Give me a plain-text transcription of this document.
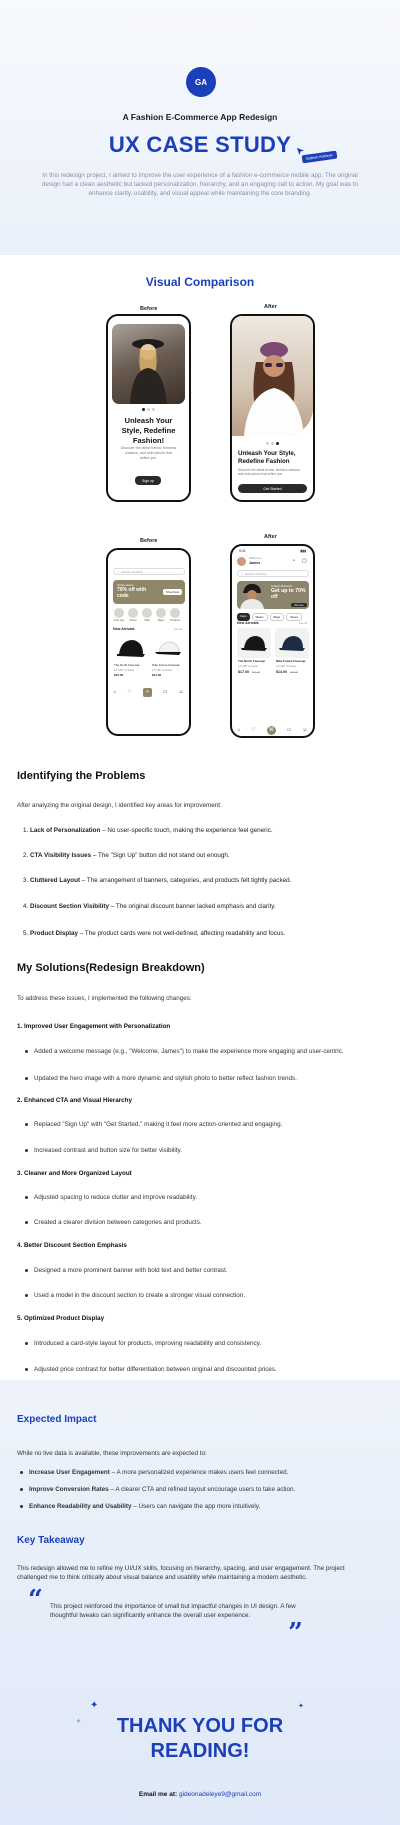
GA
A Fashion E-Commerce App Redesign
UX CASE STUDY	Gideon Adeleye
In this redesign project, I aimed to improve the user experience of a fashion e-commerce mobile app. The original design had a clean aesthetic but lacked personalization, hierarchy, and an engaging call to action. My goal was to enhance clarity, usability, and visual appeal while maintaining the core branding.
Visual Comparison
Before	After
Unleash Your Style, Redefine Fashion!
Discover the latest trends, timeless classics, and bold pieces that define you.
Sign up
Unleash Your Style, Redefine Fashion
Discover the latest trends, timeless classics, and bold pieces that define you.
Get Started
Before
After
⌕ Search anything...
Today Home
70% off with code
Shop Now
Foot cap Shoes	Wills	Bags Products
New Arrivals	See All
The North Facecap	Nike Future Facecap
4.5 (287 reviews)	4.5 (287 reviews)
$15.00	$14.00
⌂ ♡	+	▭ ☺
9:41	▮▮▮
Welcome,
James	◔ ▢
⌕ Search anything...
Today's Discount
Get up to 70% off
Visit now
Caps	Wears	Bags	Shoes
New Arrivals	See all
The North Facecap	Nike Future Facecap
4.5 (287 reviews)	4.5 (287 reviews)
$17.00 $21.00	$14.00 $18.00
⌂ ♡	⌘	▭ ☺
Identifying the Problems
After analyzing the original design, I identified key areas for improvement:
1. Lack of Personalization – No user-specific touch, making the experience feel generic.
2. CTA Visibility Issues – The "Sign Up" button did not stand out enough.
3. Cluttered Layout – The arrangement of banners, categories, and products felt tightly packed.
4. Discount Section Visibility – The original discount banner lacked emphasis and clarity.
5. Product Display – The product cards were not well-defined, affecting readability and focus.
My Solutions(Redesign Breakdown)
To address these issues, I implemented the following changes:
1. Improved User Engagement with Personalization
Added a welcome message (e.g., "Welcome, James") to make the experience more engaging and user-centric.
Updated the hero image with a more dynamic and stylish photo to better reflect fashion trends.
2. Enhanced CTA and Visual Hierarchy
Replaced "Sign Up" with "Get Started," making it feel more action-oriented and engaging.
Increased contrast and button size for better visibility.
3. Cleaner and More Organized Layout
Adjusted spacing to reduce clutter and improve readability.
Created a clearer division between categories and products.
4. Better Discount Section Emphasis
Designed a more prominent banner with bold text and better contrast.
Used a model in the discount section to create a stronger visual connection.
5. Optimized Product Display
Introduced a card-style layout for products, improving readability and consistency.
Adjusted price contrast for better differentiation between original and discounted prices.
Expected Impact
While no live data is available, these improvements are expected to:
Increase User Engagement – A more personalized experience makes users feel connected.
Improve Conversion Rates – A clearer CTA and refined layout encourage users to take action.
Enhance Readability and Usability – Users can navigate the app more intuitively.
Key Takeaway
This redesign allowed me to refine my UI/UX skills, focusing on hierarchy, spacing, and user engagement. The project challenged me to think critically about visual balance and usability while maintaining a modern aesthetic.
“ This project reinforced the importance of small but impactful changes in UI design. A few thoughtful tweaks can significantly enhance the overall user experience.
”
✦	✦
✧	THANK YOU FOR
READING!
Email me at: gideonadeleye9@gmail.com
